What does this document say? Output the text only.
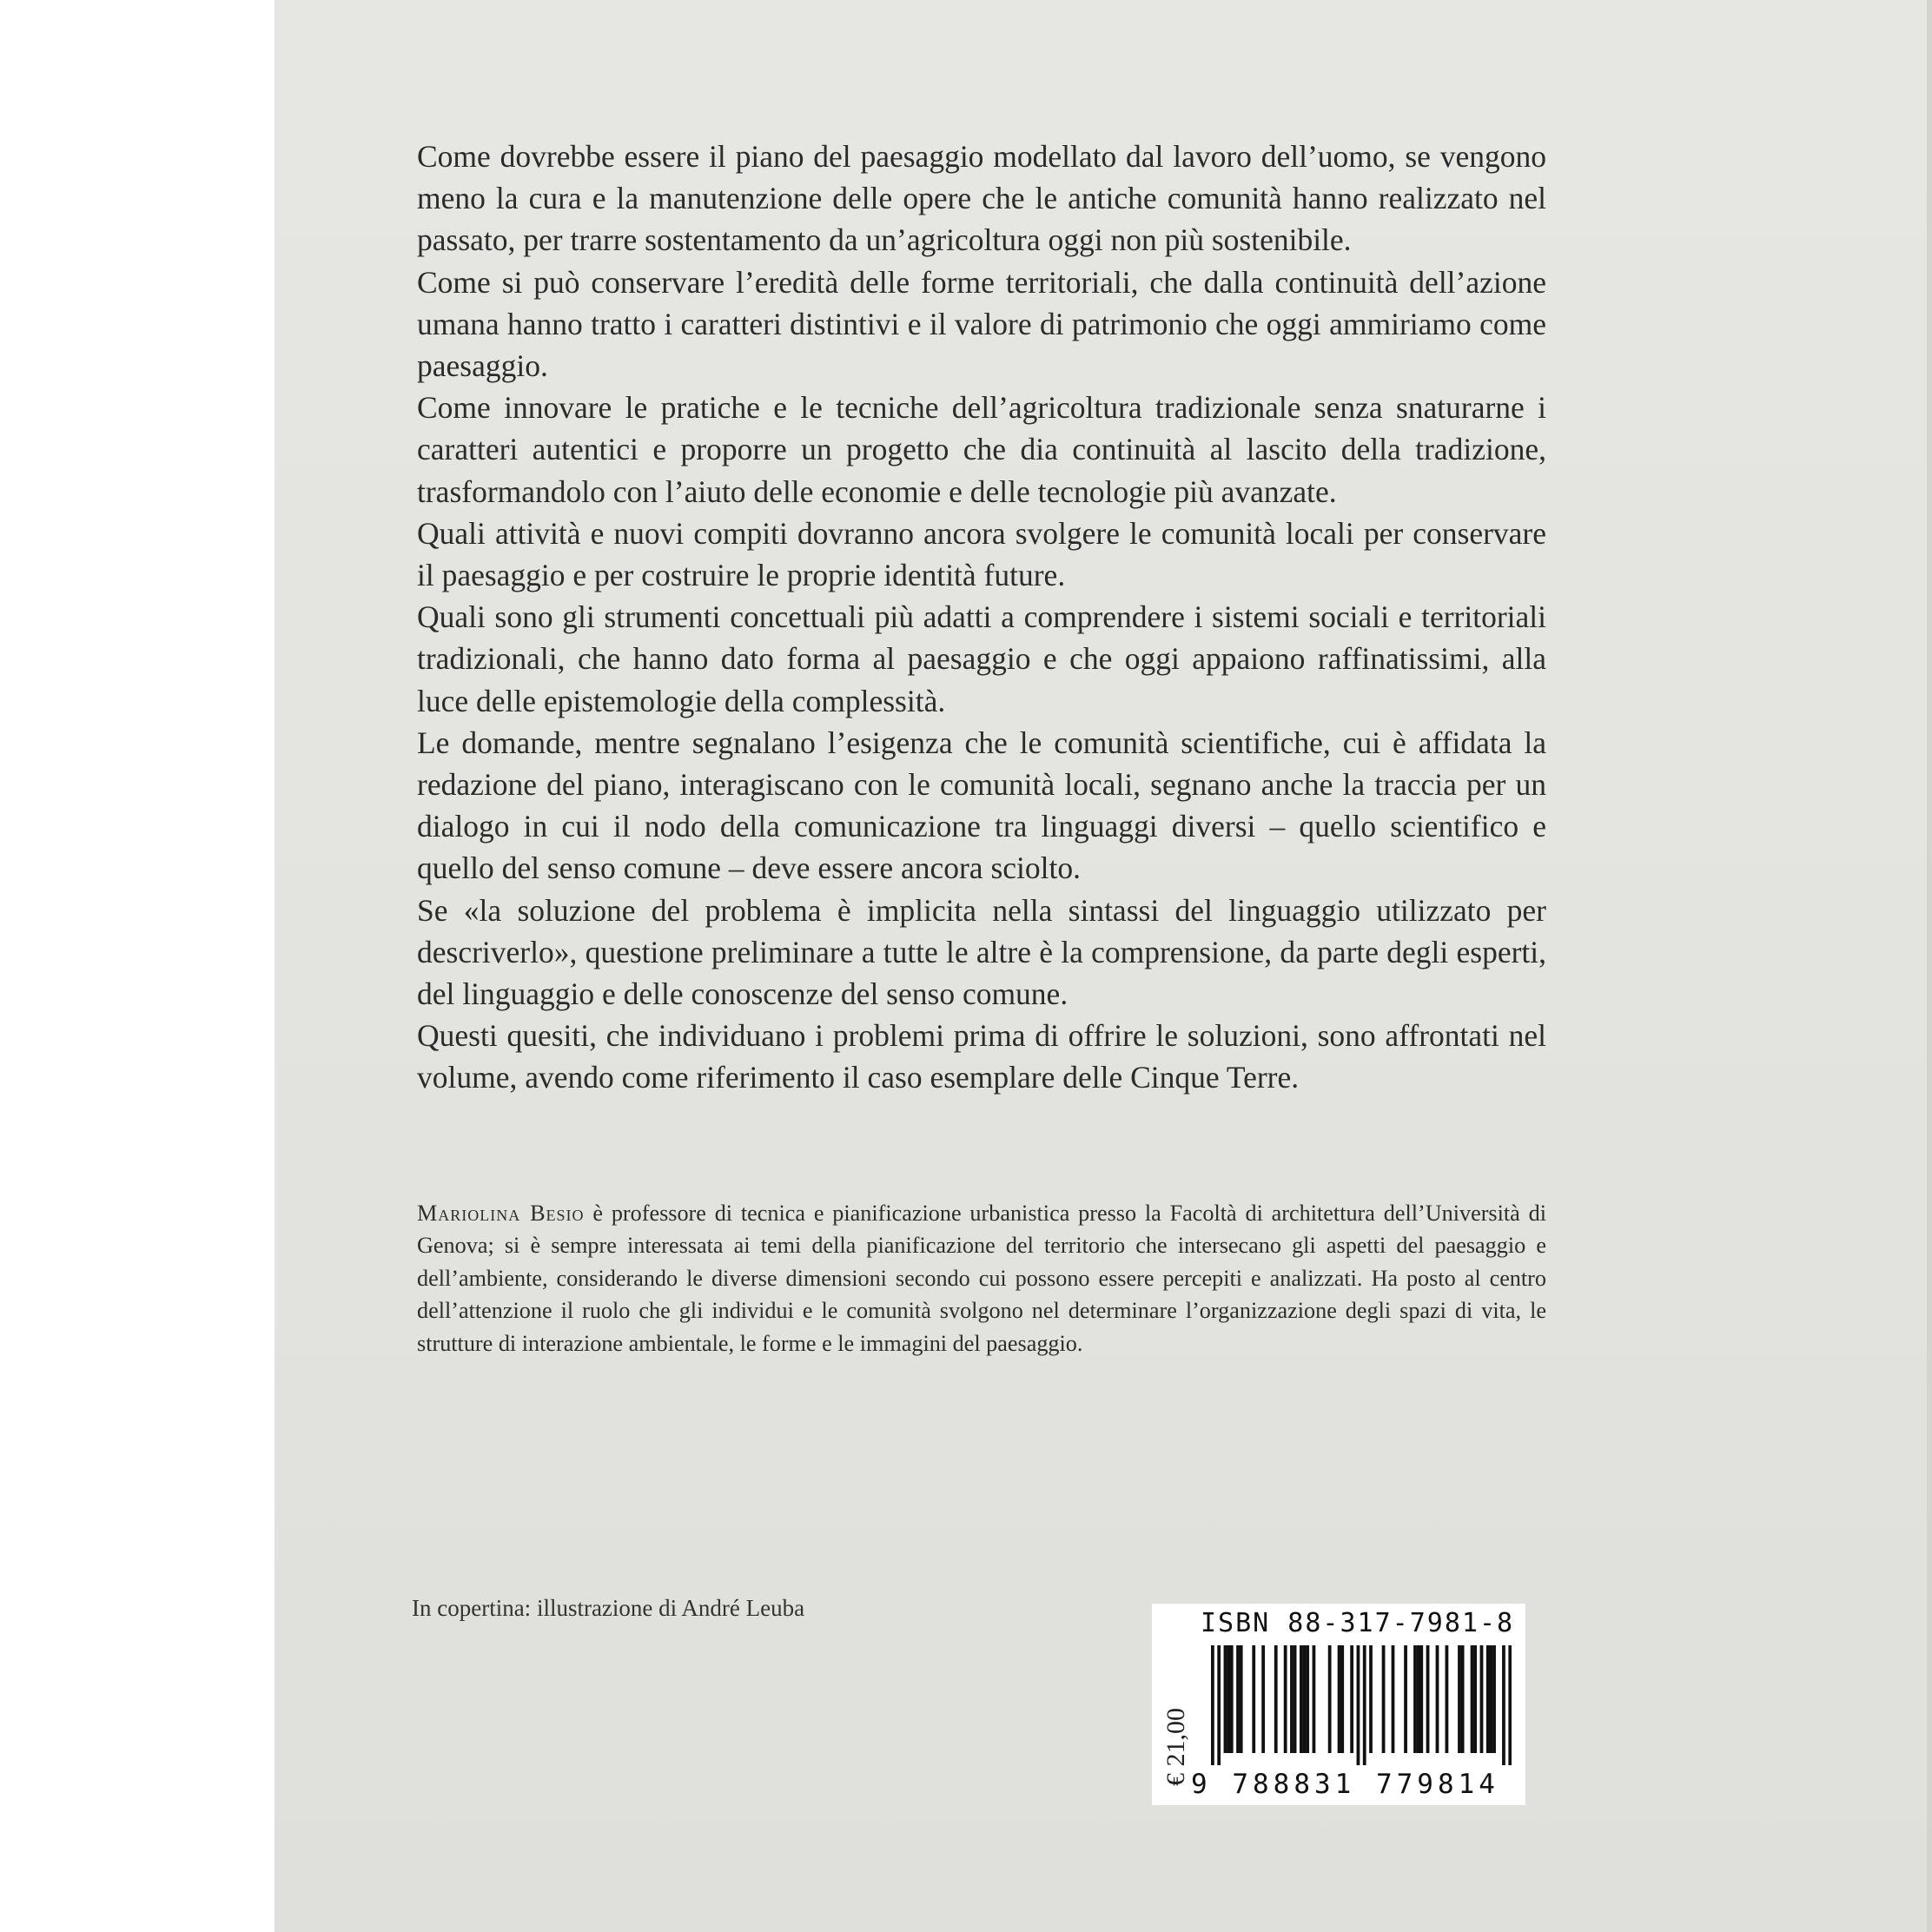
Come dovrebbe essere il piano del paesaggio modellato dal lavoro dell’uomo, se vengono meno la cura e la manutenzione delle opere che le antiche comunità hanno realizzato nel passato, per trarre sostentamento da un’agricoltura oggi non più sostenibile.

Come si può conservare l’eredità delle forme territoriali, che dalla continuità dell’azione umana hanno tratto i caratteri distintivi e il valore di patrimonio che oggi ammiriamo come paesaggio.

Come innovare le pratiche e le tecniche dell’agricoltura tradizionale senza snaturarne i caratteri autentici e proporre un progetto che dia continuità al lascito della tradizione, trasformandolo con l’aiuto delle economie e delle tecnologie più avanzate.

Quali attività e nuovi compiti dovranno ancora svolgere le comunità locali per conservare il paesaggio e per costruire le proprie identità future.

Quali sono gli strumenti concettuali più adatti a comprendere i sistemi sociali e territoriali tradizionali, che hanno dato forma al paesaggio e che oggi appaiono raffinatissimi, alla luce delle epistemologie della complessità.

Le domande, mentre segnalano l’esigenza che le comunità scientifiche, cui è affidata la redazione del piano, interagiscano con le comunità locali, segnano anche la traccia per un dialogo in cui il nodo della comunicazione tra linguaggi diversi – quello scientifico e quello del senso comune – deve essere ancora sciolto.

Se «la soluzione del problema è implicita nella sintassi del linguaggio utilizzato per descriverlo», questione preliminare a tutte le altre è la comprensione, da parte degli esperti, del linguaggio e delle conoscenze del senso comune.

Questi quesiti, che individuano i problemi prima di offrire le soluzioni, sono affrontati nel volume, avendo come riferimento il caso esemplare delle Cinque Terre.

Mariolina Besio è professore di tecnica e pianificazione urbanistica presso la Facoltà di architettura dell’Università di Genova; si è sempre interessata ai temi della pianificazione del territorio che intersecano gli aspetti del paesaggio e dell’ambiente, considerando le diverse dimensioni secondo cui possono essere percepiti e analizzati. Ha posto al centro dell’attenzione il ruolo che gli individui e le comunità svolgono nel determinare l’organizzazione degli spazi di vita, le strutture di interazione ambientale, le forme e le immagini del paesaggio.

In copertina: illustrazione di André Leuba
€ 21,00
ISBN 88-317-7981-8
9 788831 779814
